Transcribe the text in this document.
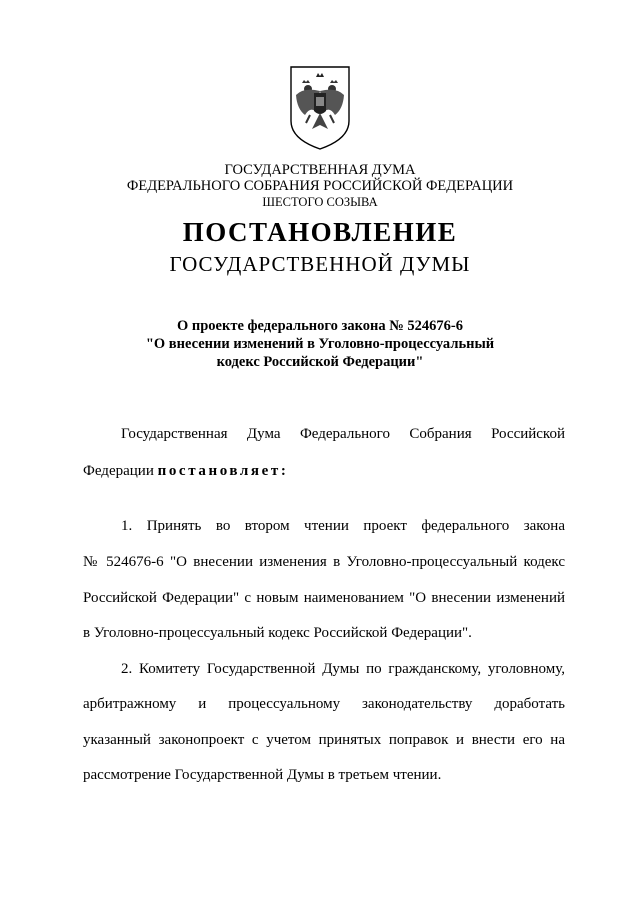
ГОСУДАРСТВЕННАЯ ДУМА
ФЕДЕРАЛЬНОГО СОБРАНИЯ РОССИЙСКОЙ ФЕДЕРАЦИИ
ШЕСТОГО СОЗЫВА
ПОСТАНОВЛЕНИЕ
ГОСУДАРСТВЕННОЙ ДУМЫ
О проекте федерального закона № 524676-6
"О внесении изменений в Уголовно-процессуальный
кодекс Российской Федерации"
Государственная Дума Федерального Собрания Российской
Федерации постановляет:
1. Принять во втором чтении проект федерального закона
№ 524676-6 "О внесении изменения в Уголовно-процессуальный кодекс
Российской Федерации" с новым наименованием "О внесении изменений
в Уголовно-процессуальный кодекс Российской Федерации".
2. Комитету Государственной Думы по гражданскому, уголовному,
арбитражному и процессуальному законодательству доработать
указанный законопроект с учетом принятых поправок и внести его на
рассмотрение Государственной Думы в третьем чтении.
